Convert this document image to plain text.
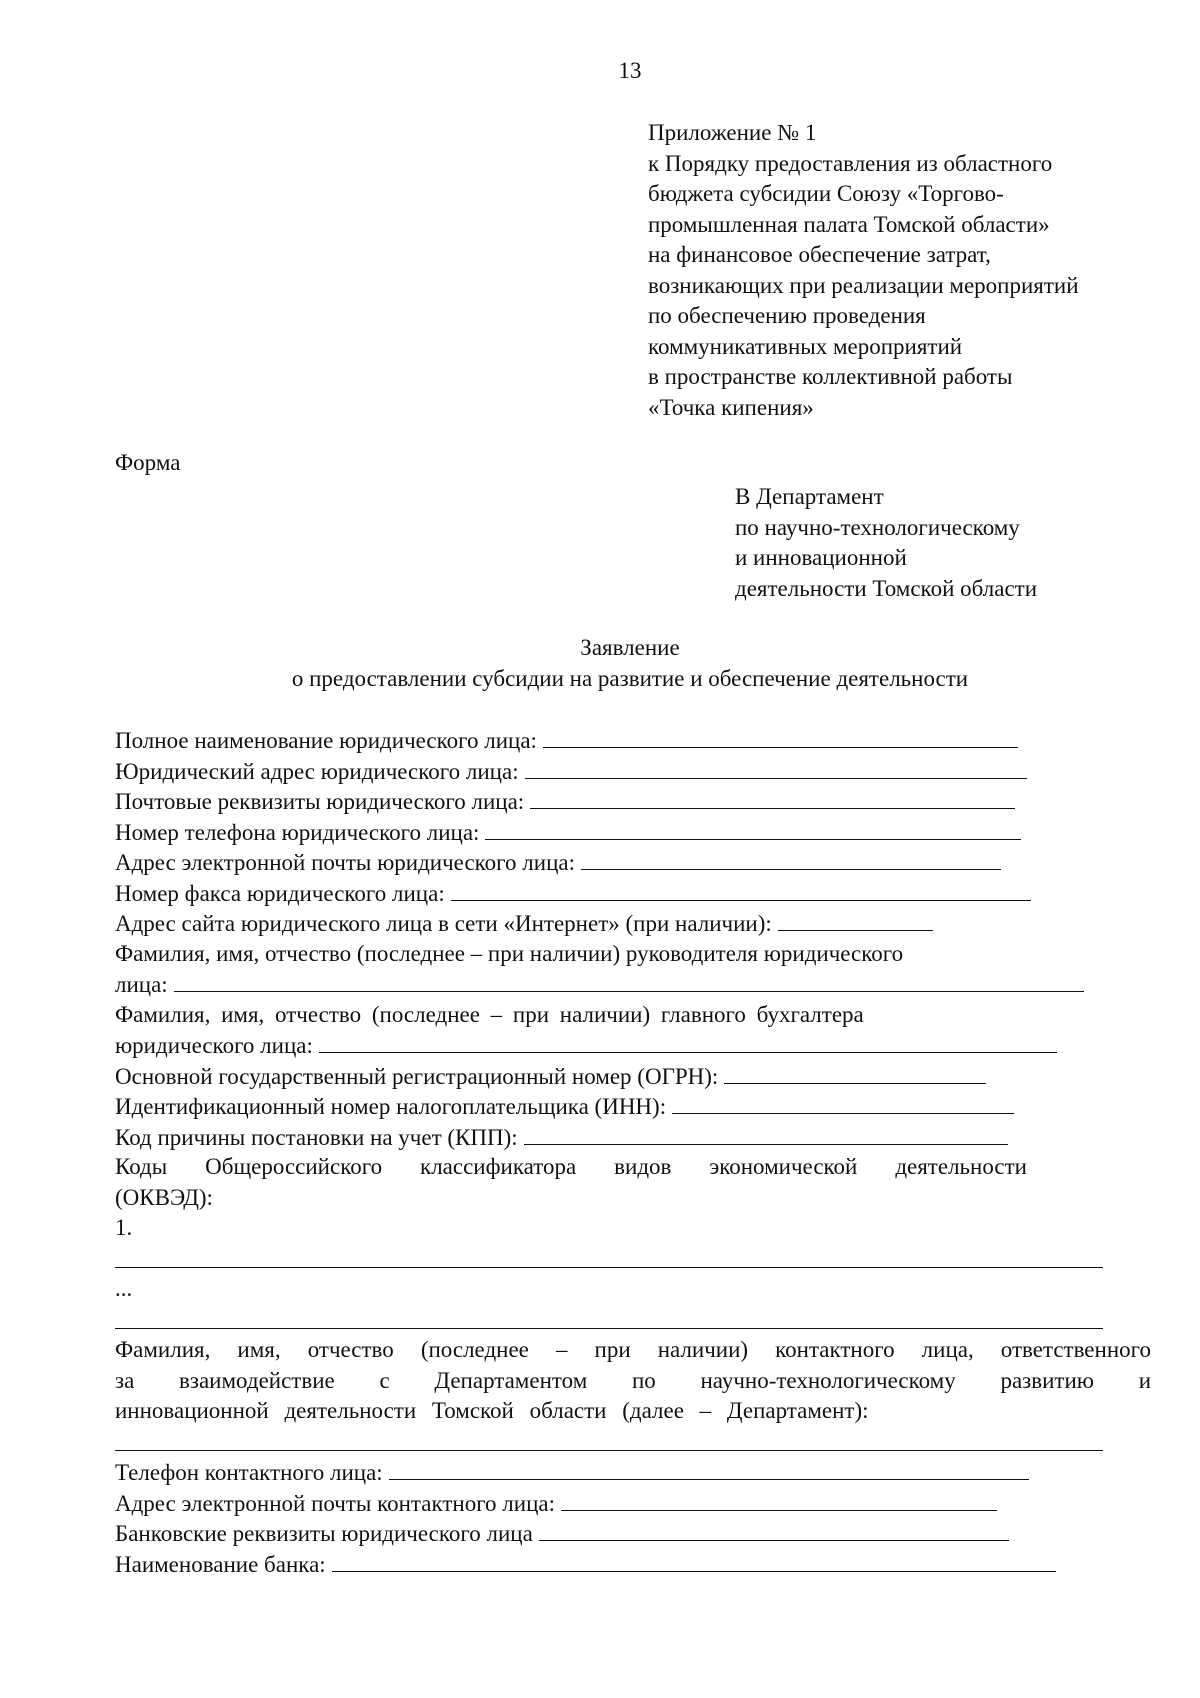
13
Приложение № 1
к Порядку предоставления из областного
бюджета субсидии Союзу «Торгово-
промышленная палата Томской области»
на финансовое обеспечение затрат,
возникающих при реализации мероприятий
по обеспечению проведения
коммуникативных мероприятий
в пространстве коллективной работы
«Точка кипения»
Форма
В Департамент
по научно-технологическому
и инновационной
деятельности Томской области
Заявление
о предоставлении субсидии на развитие и обеспечение деятельности
Полное наименование юридического лица:
Юридический адрес юридического лица:
Почтовые реквизиты юридического лица:
Номер телефона юридического лица:
Адрес электронной почты юридического лица:
Номер факса юридического лица:
Адрес сайта юридического лица в сети «Интернет» (при наличии):
Фамилия, имя, отчество (последнее – при наличии) руководителя юридического
лица:
Фамилия, имя, отчество (последнее – при наличии) главного бухгалтера
юридического лица:
Основной государственный регистрационный номер (ОГРН):
Идентификационный номер налогоплательщика (ИНН):
Код причины постановки на учет (КПП):
Коды Общероссийского классификатора видов экономической деятельности
(ОКВЭД):
1.
...
Фамилия, имя, отчество (последнее – при наличии) контактного лица, ответственного
за взаимодействие с Департаментом по научно-технологическому развитию и
инновационной деятельности Томской области (далее – Департамент):
Телефон контактного лица:
Адрес электронной почты контактного лица:
Банковские реквизиты юридического лица
Наименование банка:
